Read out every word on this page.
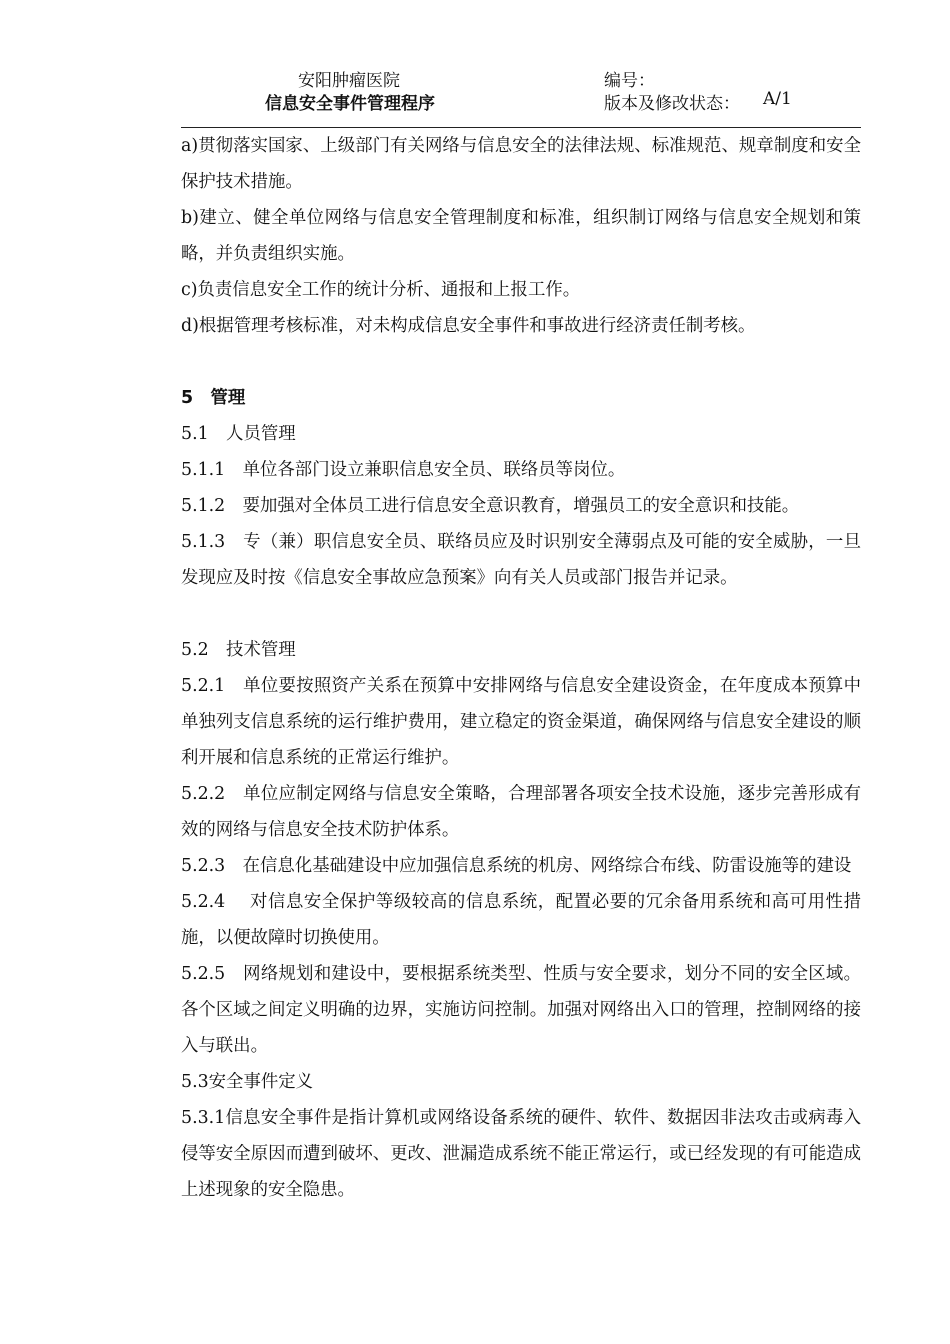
安阳肿瘤医院
信息安全事件管理程序
编号：
版本及修改状态： A/1

a)贯彻落实国家、上级部门有关网络与信息安全的法律法规、标准规范、规章制度和安全保护技术措施。

b)建立、健全单位网络与信息安全管理制度和标准，组织制订网络与信息安全规划和策略，并负责组织实施。

c)负责信息安全工作的统计分析、通报和上报工作。

d)根据管理考核标准，对未构成信息安全事件和事故进行经济责任制考核。

5　管理

5.1　人员管理

5.1.1　单位各部门设立兼职信息安全员、联络员等岗位。

5.1.2　要加强对全体员工进行信息安全意识教育，增强员工的安全意识和技能。

5.1.3　专（兼）职信息安全员、联络员应及时识别安全薄弱点及可能的安全威胁，一旦发现应及时按《信息安全事故应急预案》向有关人员或部门报告并记录。

5.2　技术管理

5.2.1　单位要按照资产关系在预算中安排网络与信息安全建设资金，在年度成本预算中单独列支信息系统的运行维护费用，建立稳定的资金渠道，确保网络与信息安全建设的顺利开展和信息系统的正常运行维护。

5.2.2　单位应制定网络与信息安全策略，合理部署各项安全技术设施，逐步完善形成有效的网络与信息安全技术防护体系。

5.2.3　在信息化基础建设中应加强信息系统的机房、网络综合布线、防雷设施等的建设

5.2.4　 对信息安全保护等级较高的信息系统，配置必要的冗余备用系统和高可用性措施，以便故障时切换使用。

5.2.5　网络规划和建设中，要根据系统类型、性质与安全要求，划分不同的安全区域。各个区域之间定义明确的边界，实施访问控制。加强对网络出入口的管理，控制网络的接入与联出。

5.3安全事件定义

5.3.1信息安全事件是指计算机或网络设备系统的硬件、软件、数据因非法攻击或病毒入侵等安全原因而遭到破坏、更改、泄漏造成系统不能正常运行，或已经发现的有可能造成上述现象的安全隐患。
